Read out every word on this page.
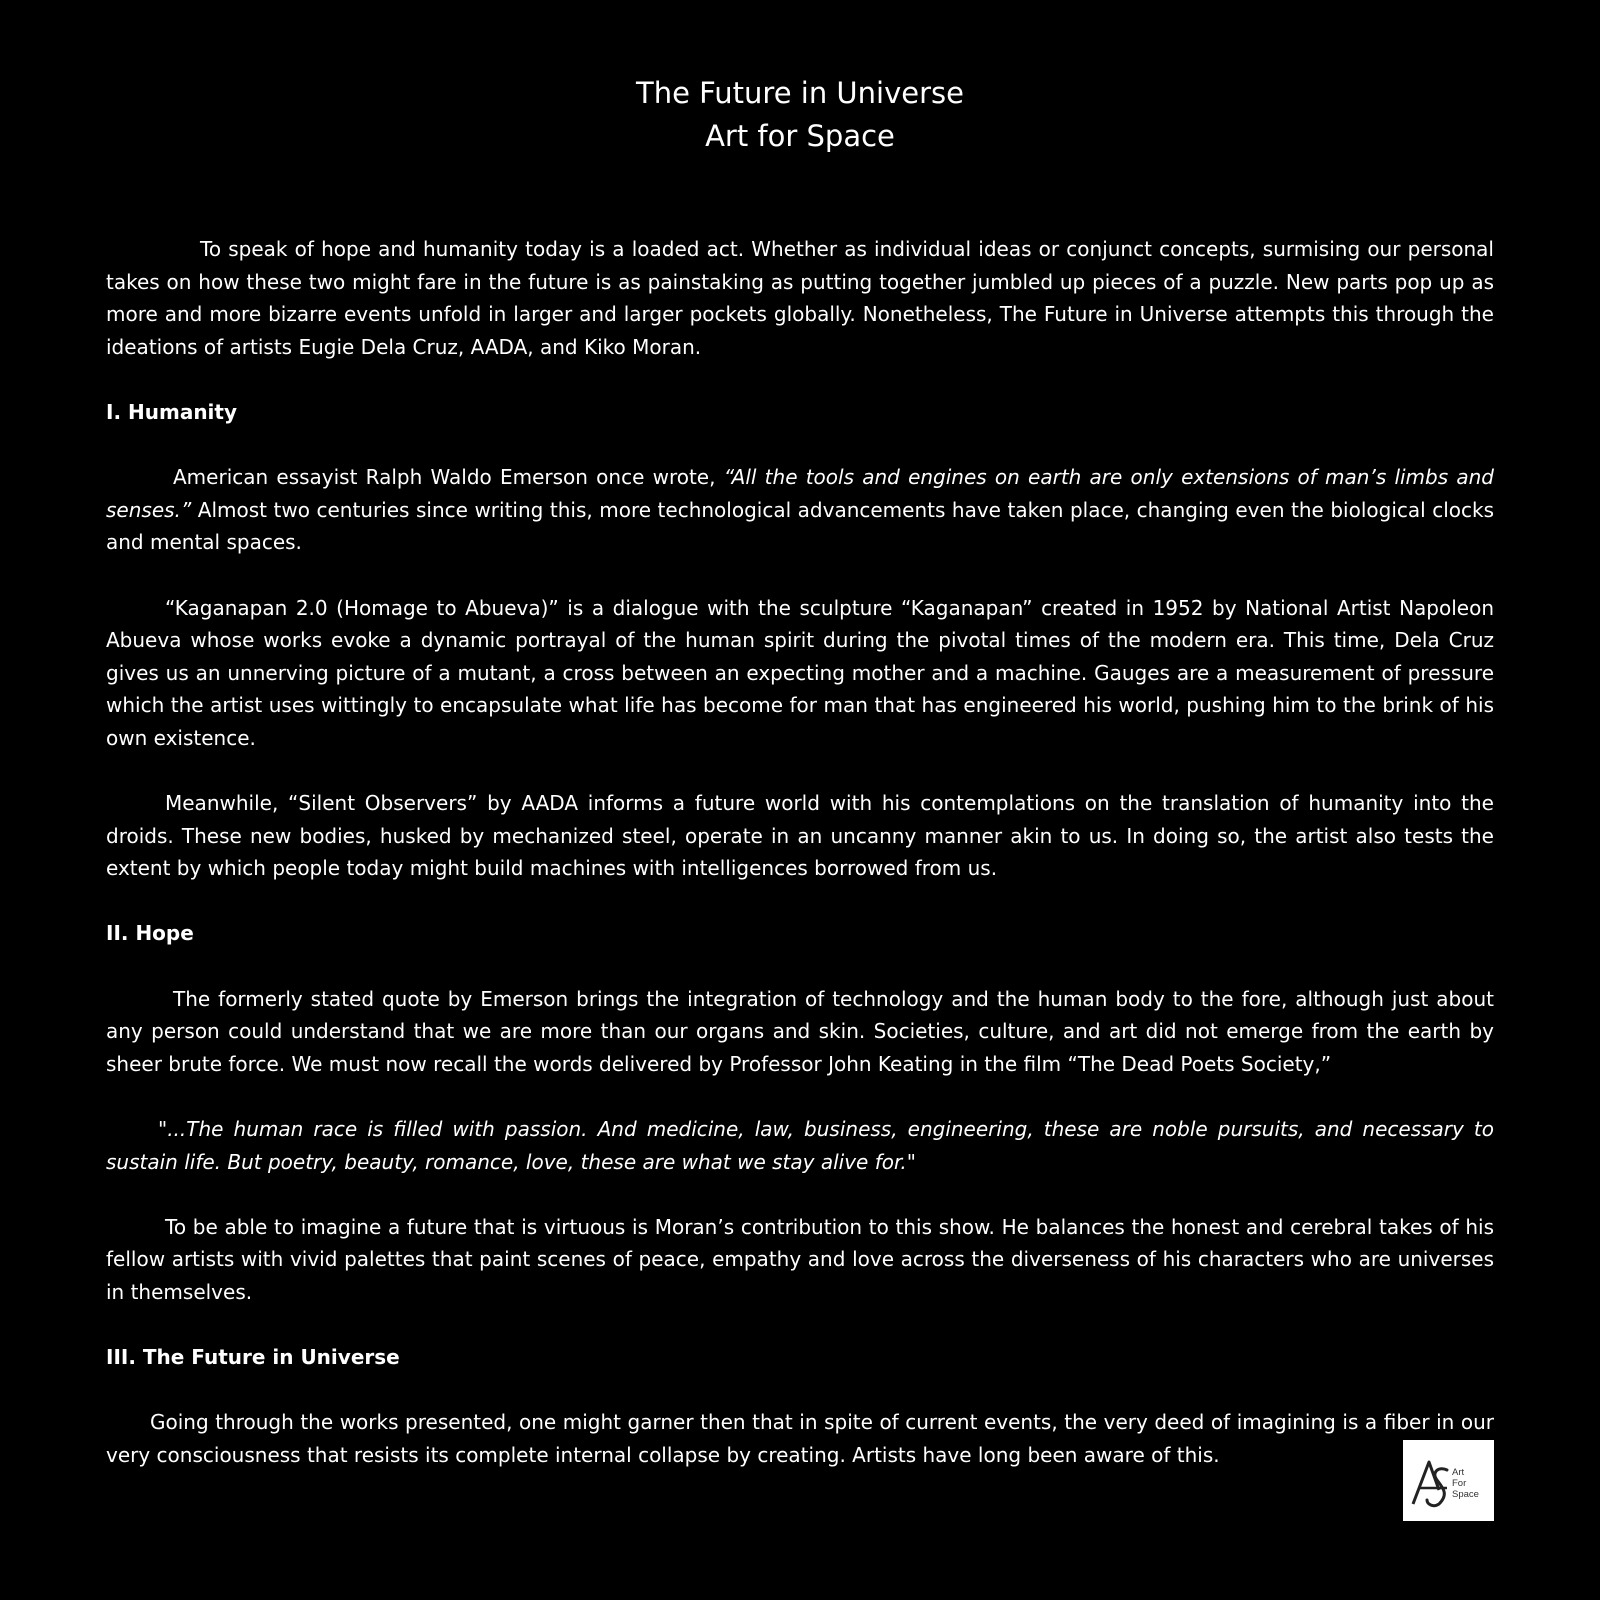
The Future in Universe
Art for Space

To speak of hope and humanity today is a loaded act. Whether as individual ideas or conjunct concepts, surmising our personal takes on how these two might fare in the future is as painstaking as putting together jumbled up pieces of a puzzle. New parts pop up as more and more bizarre events unfold in larger and larger pockets globally. Nonetheless, The Future in Universe attempts this through the ideations of artists Eugie Dela Cruz, AADA, and Kiko Moran.

I. Humanity

American essayist Ralph Waldo Emerson once wrote, “All the tools and engines on earth are only extensions of man’s limbs and senses.” Almost two centuries since writing this, more technological advancements have taken place, changing even the biological clocks and mental spaces.

“Kaganapan 2.0 (Homage to Abueva)” is a dialogue with the sculpture “Kaganapan” created in 1952 by National Artist Napoleon Abueva whose works evoke a dynamic portrayal of the human spirit during the pivotal times of the modern era. This time, Dela Cruz gives us an unnerving picture of a mutant, a cross between an expecting mother and a machine. Gauges are a measurement of pressure which the artist uses wittingly to encapsulate what life has become for man that has engineered his world, pushing him to the brink of his own existence.

Meanwhile, “Silent Observers” by AADA informs a future world with his contemplations on the translation of humanity into the droids. These new bodies, husked by mechanized steel, operate in an uncanny manner akin to us. In doing so, the artist also tests the extent by which people today might build machines with intelligences borrowed from us.

II. Hope

The formerly stated quote by Emerson brings the integration of technology and the human body to the fore, although just about any person could understand that we are more than our organs and skin. Societies, culture, and art did not emerge from the earth by sheer brute force. We must now recall the words delivered by Professor John Keating in the film “The Dead Poets Society,”

"...The human race is filled with passion. And medicine, law, business, engineering, these are noble pursuits, and necessary to sustain life. But poetry, beauty, romance, love, these are what we stay alive for."

To be able to imagine a future that is virtuous is Moran’s contribution to this show. He balances the honest and cerebral takes of his fellow artists with vivid palettes that paint scenes of peace, empathy and love across the diverseness of his characters who are universes in themselves.

III. The Future in Universe

Going through the works presented, one might garner then that in spite of current events, the very deed of imagining is a fiber in our very consciousness that resists its complete internal collapse by creating. Artists have long been aware of this.

Art
For
Space
